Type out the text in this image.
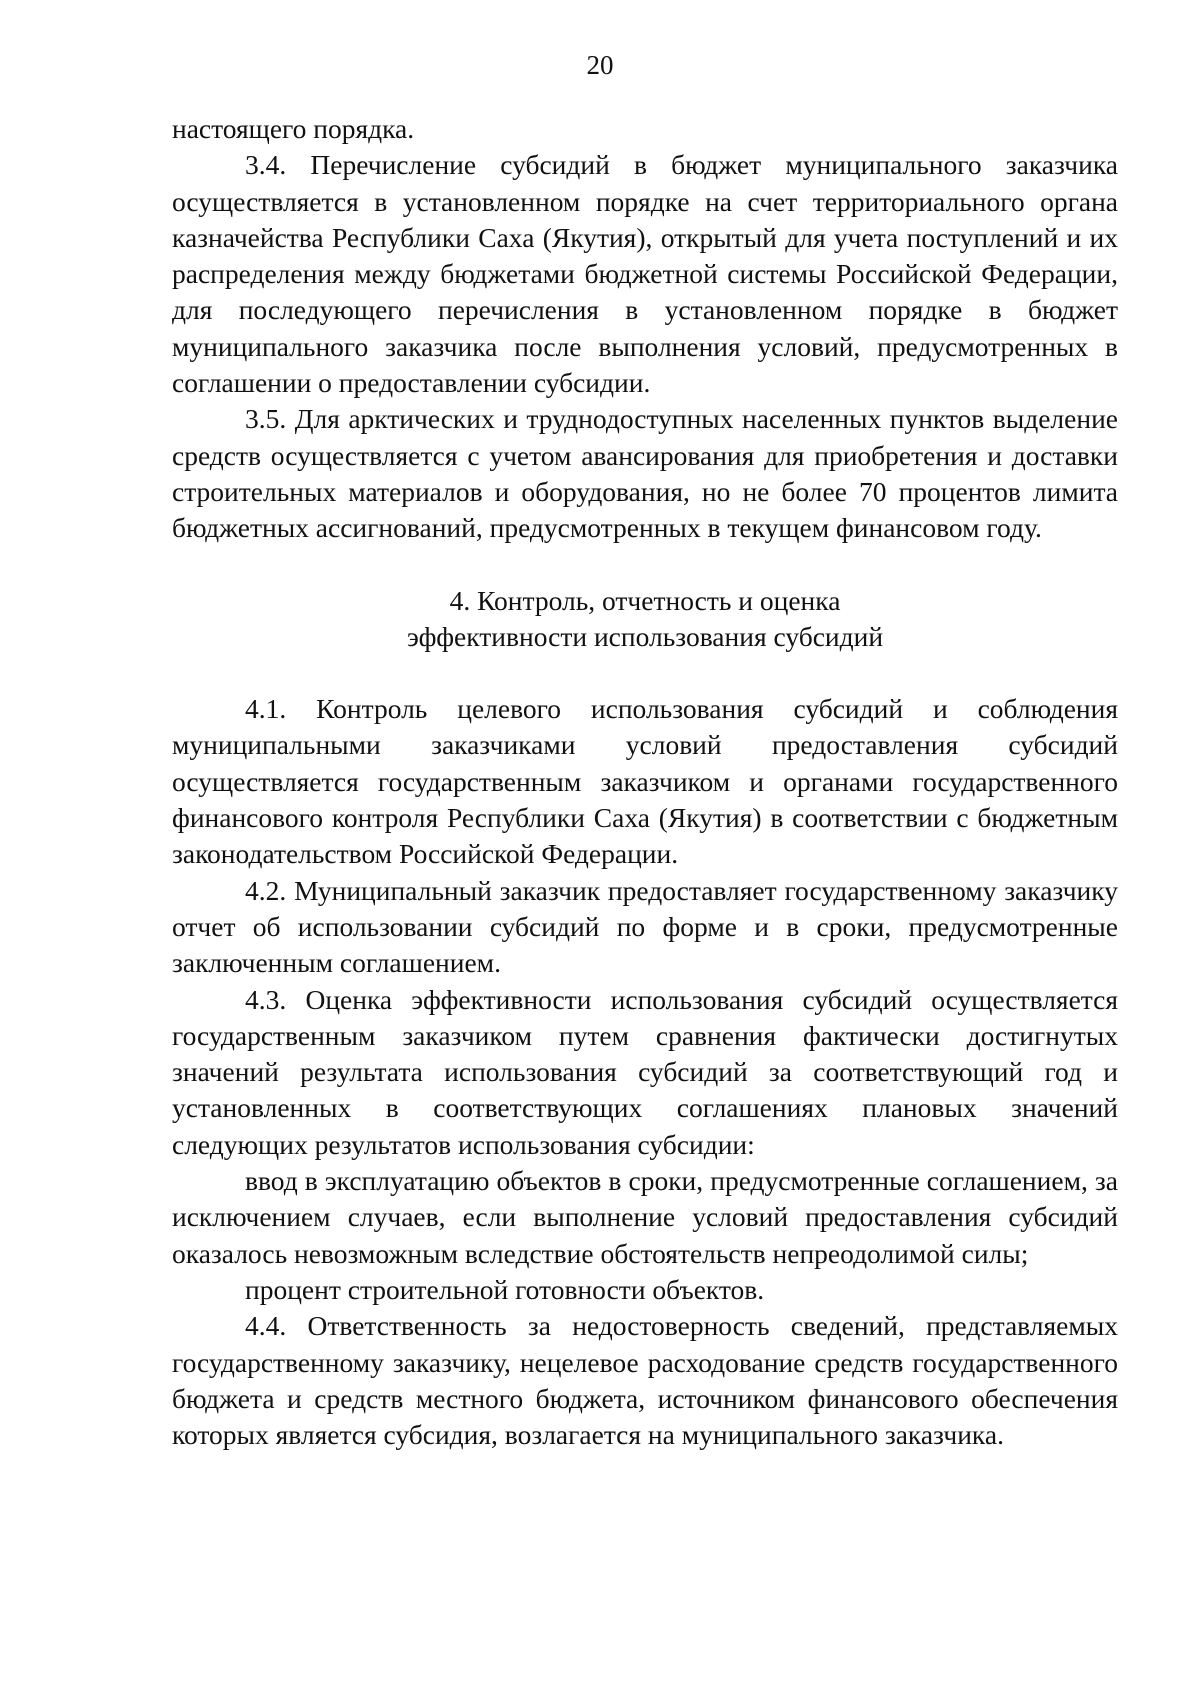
20

настоящего порядка.

3.4. Перечисление субсидий в бюджет муниципального заказчика осуществляется в установленном порядке на счет территориального органа казначейства Республики Саха (Якутия), открытый для учета поступлений и их распределения между бюджетами бюджетной системы Российской Федерации, для последующего перечисления в установленном порядке в бюджет муниципального заказчика после выполнения условий, предусмотренных в соглашении о предоставлении субсидии.

3.5. Для арктических и труднодоступных населенных пунктов выделение средств осуществляется с учетом авансирования для приобретения и доставки строительных материалов и оборудования, но не более 70 процентов лимита бюджетных ассигнований, предусмотренных в текущем финансовом году.

4. Контроль, отчетность и оценка
эффективности использования субсидий

4.1. Контроль целевого использования субсидий и соблюдения муниципальными заказчиками условий предоставления субсидий осуществляется государственным заказчиком и органами государственного финансового контроля Республики Саха (Якутия) в соответствии с бюджетным законодательством Российской Федерации.

4.2. Муниципальный заказчик предоставляет государственному заказчику отчет об использовании субсидий по форме и в сроки, предусмотренные заключенным соглашением.

4.3. Оценка эффективности использования субсидий осуществляется государственным заказчиком путем сравнения фактически достигнутых значений результата использования субсидий за соответствующий год и установленных в соответствующих соглашениях плановых значений следующих результатов использования субсидии:

ввод в эксплуатацию объектов в сроки, предусмотренные соглашением, за исключением случаев, если выполнение условий предоставления субсидий оказалось невозможным вследствие обстоятельств непреодолимой силы;

процент строительной готовности объектов.

4.4. Ответственность за недостоверность сведений, представляемых государственному заказчику, нецелевое расходование средств государственного бюджета и средств местного бюджета, источником финансового обеспечения которых является субсидия, возлагается на муниципального заказчика.
